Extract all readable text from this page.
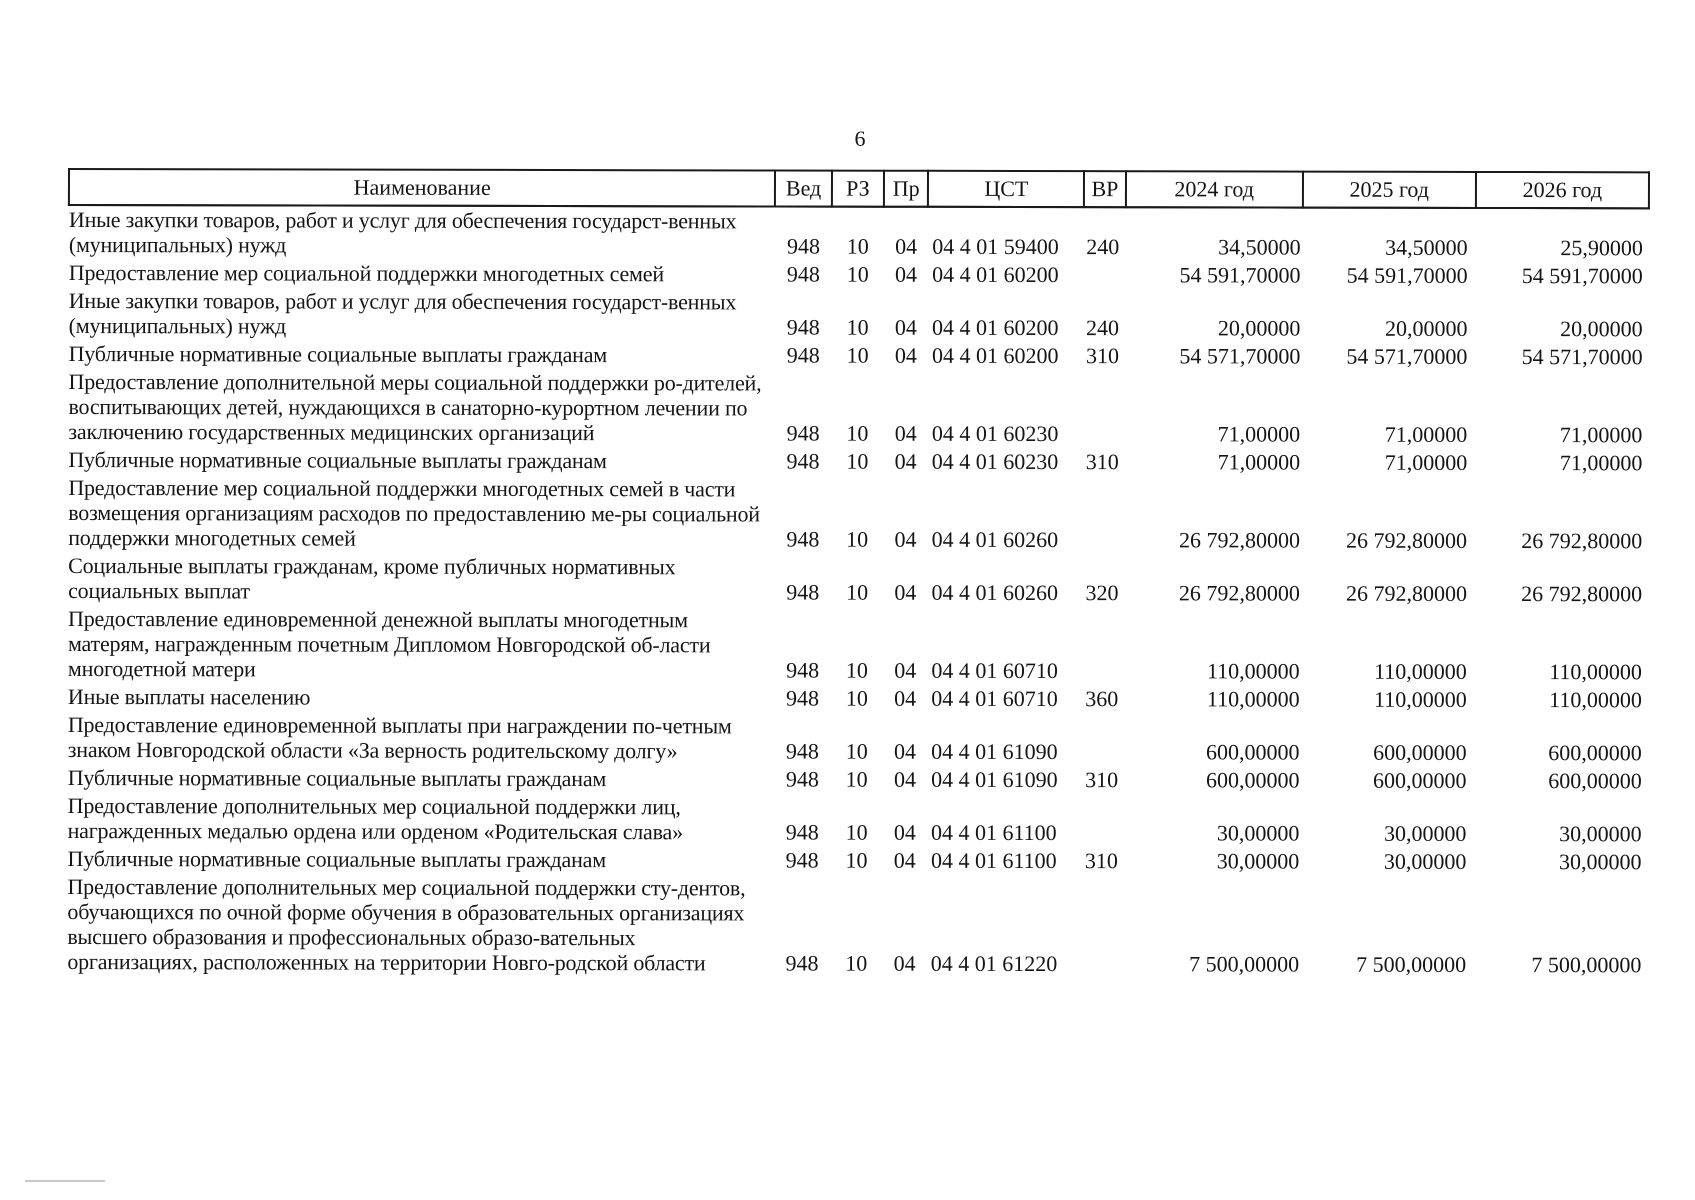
6
Наименование	Вед	РЗ	Пр	ЦСТ	ВР	2024 год	2025 год	2026 год
Иные закупки товаров, работ и услуг для обеспечения государст-венных (муниципальных) нужд	948	10	04	04 4 01 59400	240	34,50000	34,50000	25,90000
Предоставление мер социальной поддержки многодетных семей	948	10	04	04 4 01 60200		54 591,70000	54 591,70000	54 591,70000
Иные закупки товаров, работ и услуг для обеспечения государст-венных (муниципальных) нужд	948	10	04	04 4 01 60200	240	20,00000	20,00000	20,00000
Публичные нормативные социальные выплаты гражданам	948	10	04	04 4 01 60200	310	54 571,70000	54 571,70000	54 571,70000
Предоставление дополнительной меры социальной поддержки ро-дителей, воспитывающих детей, нуждающихся в санаторно-курортном лечении по заключению государственных медицинских организаций	948	10	04	04 4 01 60230		71,00000	71,00000	71,00000
Публичные нормативные социальные выплаты гражданам	948	10	04	04 4 01 60230	310	71,00000	71,00000	71,00000
Предоставление мер социальной поддержки многодетных семей в части возмещения организациям расходов по предоставлению ме-ры социальной поддержки многодетных семей	948	10	04	04 4 01 60260		26 792,80000	26 792,80000	26 792,80000
Социальные выплаты гражданам, кроме публичных нормативных социальных выплат	948	10	04	04 4 01 60260	320	26 792,80000	26 792,80000	26 792,80000
Предоставление единовременной денежной выплаты многодетным матерям, награжденным почетным Дипломом Новгородской об-ласти многодетной матери	948	10	04	04 4 01 60710		110,00000	110,00000	110,00000
Иные выплаты населению	948	10	04	04 4 01 60710	360	110,00000	110,00000	110,00000
Предоставление единовременной выплаты при награждении по-четным знаком Новгородской области «За верность родительскому долгу»	948	10	04	04 4 01 61090		600,00000	600,00000	600,00000
Публичные нормативные социальные выплаты гражданам	948	10	04	04 4 01 61090	310	600,00000	600,00000	600,00000
Предоставление дополнительных мер социальной поддержки лиц, награжденных медалью ордена или орденом «Родительская слава»	948	10	04	04 4 01 61100		30,00000	30,00000	30,00000
Публичные нормативные социальные выплаты гражданам	948	10	04	04 4 01 61100	310	30,00000	30,00000	30,00000
Предоставление дополнительных мер социальной поддержки сту-дентов, обучающихся по очной форме обучения в образовательных организациях высшего образования и профессиональных образо-вательных организациях, расположенных на территории Новго-родской области	948	10	04	04 4 01 61220		7 500,00000	7 500,00000	7 500,00000
